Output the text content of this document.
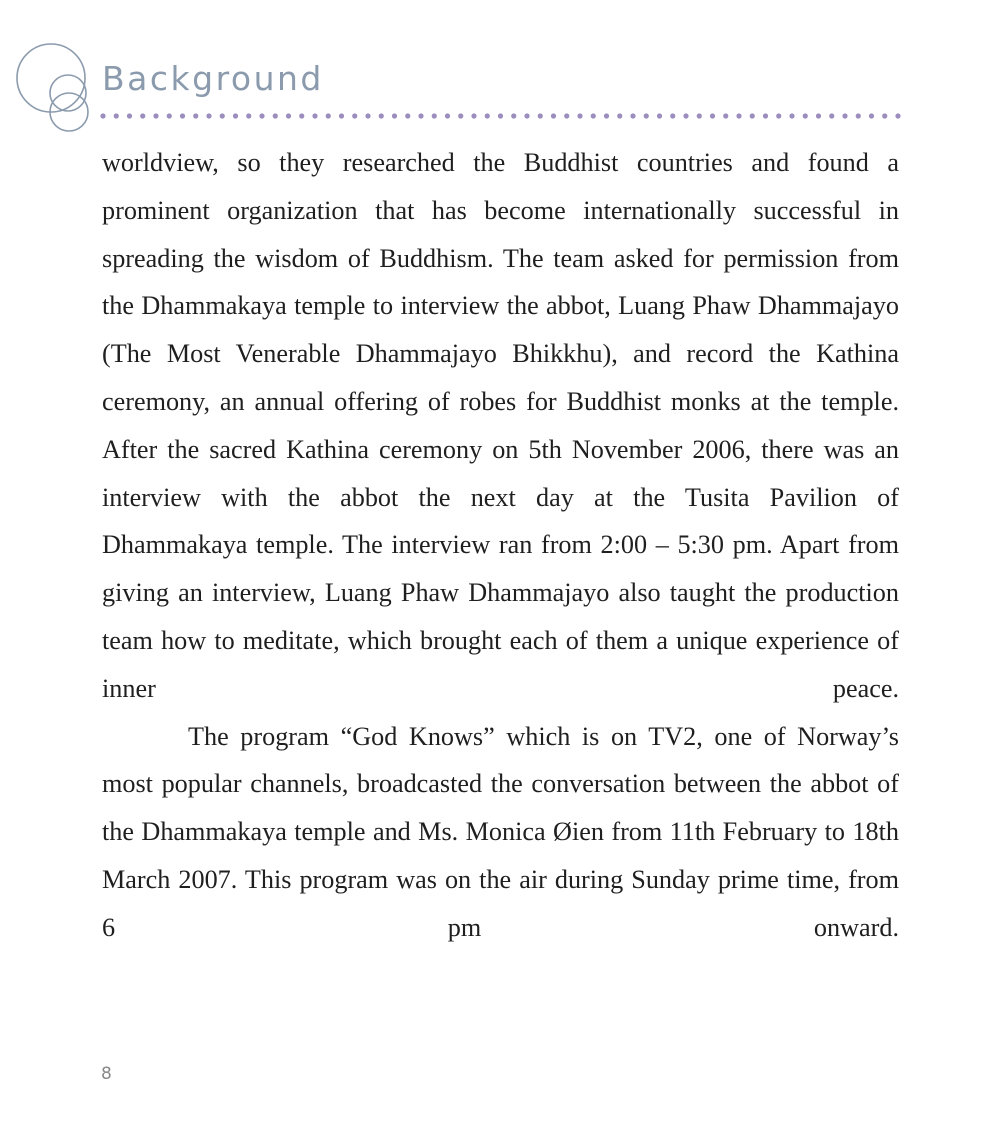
Background

worldview, so they researched the Buddhist countries and found a prominent organization that has become internationally successful in spreading the wisdom of Buddhism. The team asked for permission from the Dhammakaya temple to interview the abbot, Luang Phaw Dhammajayo (The Most Venerable Dhammajayo Bhikkhu), and record the Kathina ceremony, an annual offering of robes for Buddhist monks at the temple. After the sacred Kathina ceremony on 5th November 2006, there was an interview with the abbot the next day at the Tusita Pavilion of Dhammakaya temple. The interview ran from 2:00 – 5:30 pm. Apart from giving an interview, Luang Phaw Dhammajayo also taught the production team how to meditate, which brought each of them a unique experience of inner peace.

The program “God Knows” which is on TV2, one of Norway’s most popular channels, broadcasted the conversation between the abbot of the Dhammakaya temple and Ms. Monica Øien from 11th February to 18th March 2007. This program was on the air during Sunday prime time, from 6 pm onward.

8
